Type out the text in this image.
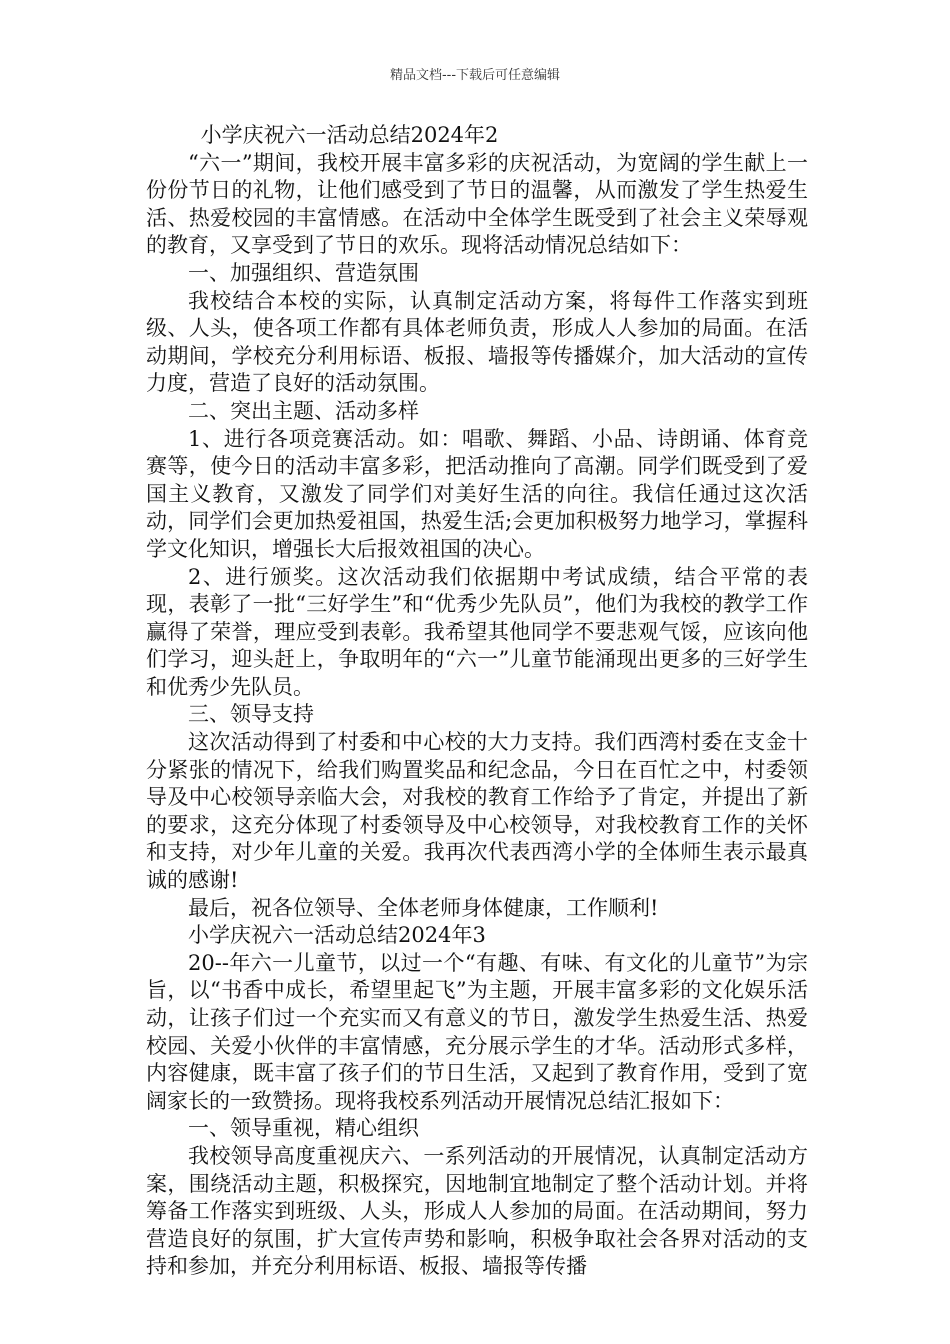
精品文档---下载后可任意编辑

小学庆祝六一活动总结2024年2

“六一”期间，我校开展丰富多彩的庆祝活动，为宽阔的学生献上一份份节日的礼物，让他们感受到了节日的温馨，从而激发了学生热爱生活、热爱校园的丰富情感。在活动中全体学生既受到了社会主义荣辱观的教育，又享受到了节日的欢乐。现将活动情况总结如下：

一、加强组织、营造氛围

我校结合本校的实际，认真制定活动方案，将每件工作落实到班级、人头，使各项工作都有具体老师负责，形成人人参加的局面。在活动期间，学校充分利用标语、板报、墙报等传播媒介，加大活动的宣传力度，营造了良好的活动氛围。

二、突出主题、活动多样

1、进行各项竞赛活动。如：唱歌、舞蹈、小品、诗朗诵、体育竞赛等，使今日的活动丰富多彩，把活动推向了高潮。同学们既受到了爱国主义教育，又激发了同学们对美好生活的向往。我信任通过这次活动，同学们会更加热爱祖国，热爱生活;会更加积极努力地学习，掌握科学文化知识，增强长大后报效祖国的决心。

2、进行颁奖。这次活动我们依据期中考试成绩，结合平常的表现，表彰了一批“三好学生”和“优秀少先队员”，他们为我校的教学工作赢得了荣誉，理应受到表彰。我希望其他同学不要悲观气馁，应该向他们学习，迎头赶上，争取明年的“六一”儿童节能涌现出更多的三好学生和优秀少先队员。

三、领导支持

这次活动得到了村委和中心校的大力支持。我们西湾村委在支金十分紧张的情况下，给我们购置奖品和纪念品，今日在百忙之中，村委领导及中心校领导亲临大会，对我校的教育工作给予了肯定，并提出了新的要求，这充分体现了村委领导及中心校领导，对我校教育工作的关怀和支持，对少年儿童的关爱。我再次代表西湾小学的全体师生表示最真诚的感谢!

最后，祝各位领导、全体老师身体健康，工作顺利!

小学庆祝六一活动总结2024年3

20--年六一儿童节，以过一个“有趣、有味、有文化的儿童节”为宗旨，以“书香中成长，希望里起飞”为主题，开展丰富多彩的文化娱乐活动，让孩子们过一个充实而又有意义的节日，激发学生热爱生活、热爱校园、关爱小伙伴的丰富情感，充分展示学生的才华。活动形式多样，内容健康，既丰富了孩子们的节日生活，又起到了教育作用，受到了宽阔家长的一致赞扬。现将我校系列活动开展情况总结汇报如下：

一、领导重视，精心组织

我校领导高度重视庆六、一系列活动的开展情况，认真制定活动方案，围绕活动主题，积极探究，因地制宜地制定了整个活动计划。并将筹备工作落实到班级、人头，形成人人参加的局面。在活动期间，努力营造良好的氛围，扩大宣传声势和影响，积极争取社会各界对活动的支持和参加，并充分利用标语、板报、墙报等传播
